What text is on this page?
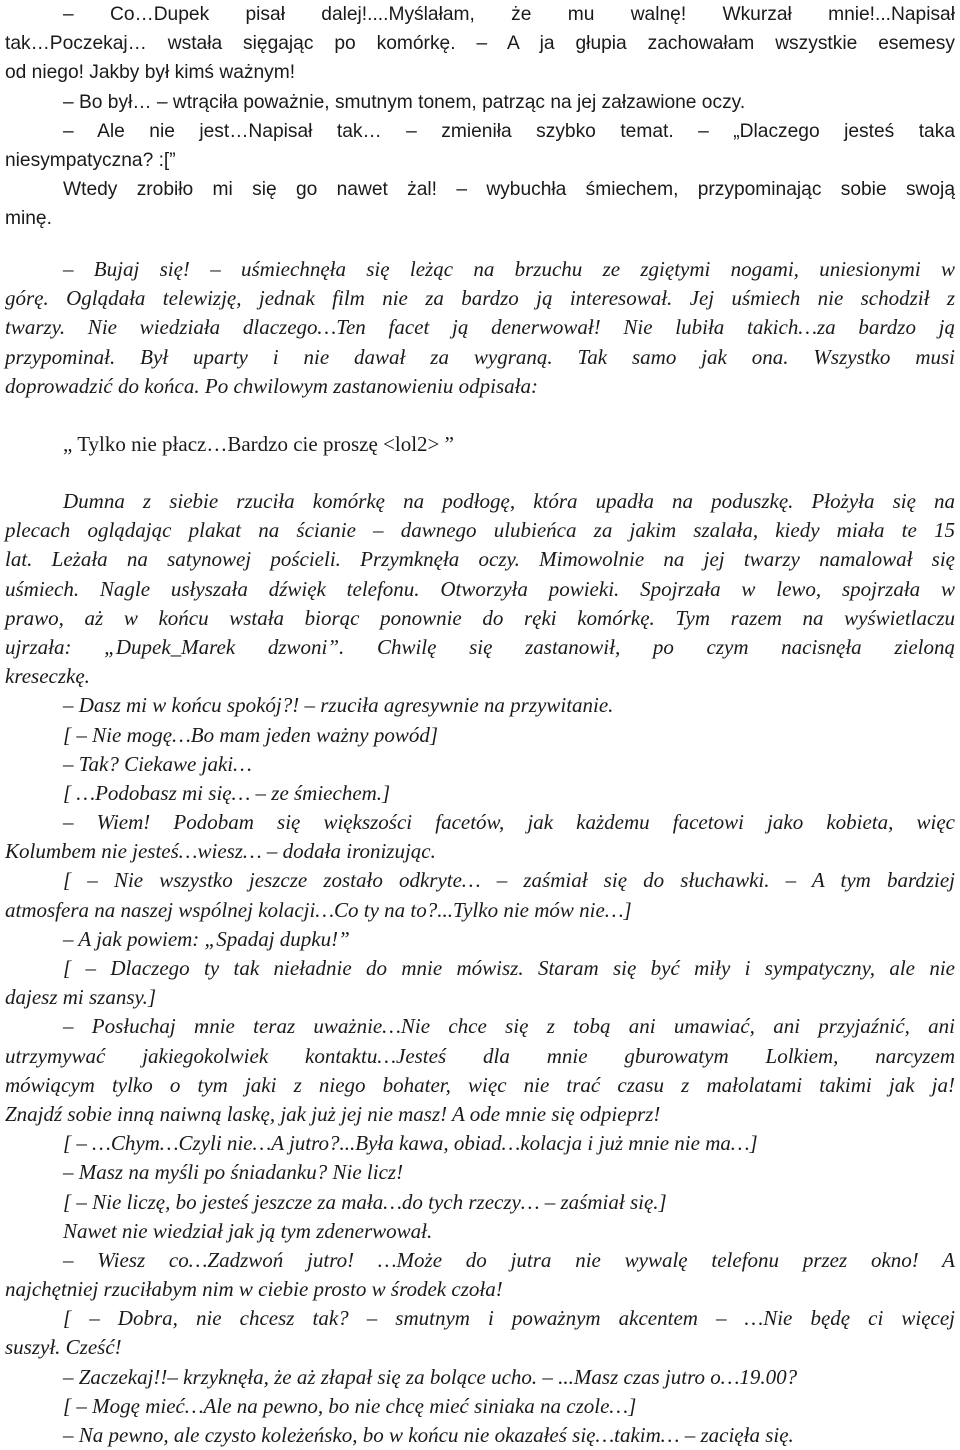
– Co…Dupek pisał dalej!....Myślałam, że mu walnę! Wkurzał mnie!...Napisał
tak…Poczekaj… wstała sięgając po komórkę. – A ja głupia zachowałam wszystkie esemesy
od niego! Jakby był kimś ważnym!
– Bo był… – wtrąciła poważnie, smutnym tonem, patrząc na jej załzawione oczy.
– Ale nie jest…Napisał tak… – zmieniła szybko temat. – „Dlaczego jesteś taka
niesympatyczna? :[”
Wtedy zrobiło mi się go nawet żal! – wybuchła śmiechem, przypominając sobie swoją
minę.
– Bujaj się! – uśmiechnęła się leżąc na brzuchu ze zgiętymi nogami, uniesionymi w
górę. Oglądała telewizję, jednak film nie za bardzo ją interesował. Jej uśmiech nie schodził z
twarzy. Nie wiedziała dlaczego…Ten facet ją denerwował! Nie lubiła takich…za bardzo ją
przypominał. Był uparty i nie dawał za wygraną. Tak samo jak ona. Wszystko musi
doprowadzić do końca. Po chwilowym zastanowieniu odpisała:
„ Tylko nie płacz…Bardzo cie proszę <lol2> ”
Dumna z siebie rzuciła komórkę na podłogę, która upadła na poduszkę. Płożyła się na
plecach oglądając plakat na ścianie – dawnego ulubieńca za jakim szalała, kiedy miała te 15
lat. Leżała na satynowej pościeli. Przymknęła oczy. Mimowolnie na jej twarzy namalował się
uśmiech. Nagle usłyszała dźwięk telefonu. Otworzyła powieki. Spojrzała w lewo, spojrzała w
prawo, aż w końcu wstała biorąc ponownie do ręki komórkę. Tym razem na wyświetlaczu
ujrzała: „Dupek_Marek dzwoni”. Chwilę się zastanowił, po czym nacisnęła zieloną
kreseczkę.
– Dasz mi w końcu spokój?! – rzuciła agresywnie na przywitanie.
[ – Nie mogę…Bo mam jeden ważny powód]
– Tak? Ciekawe jaki…
[ …Podobasz mi się… – ze śmiechem.]
– Wiem! Podobam się większości facetów, jak każdemu facetowi jako kobieta, więc
Kolumbem nie jesteś…wiesz… – dodała ironizując.
[ – Nie wszystko jeszcze zostało odkryte… – zaśmiał się do słuchawki. – A tym bardziej
atmosfera na naszej wspólnej kolacji…Co ty na to?...Tylko nie mów nie…]
– A jak powiem: „Spadaj dupku!”
[ – Dlaczego ty tak nieładnie do mnie mówisz. Staram się być miły i sympatyczny, ale nie
dajesz mi szansy.]
– Posłuchaj mnie teraz uważnie…Nie chce się z tobą ani umawiać, ani przyjaźnić, ani
utrzymywać jakiegokolwiek kontaktu…Jesteś dla mnie gburowatym Lolkiem, narcyzem
mówiącym tylko o tym jaki z niego bohater, więc nie trać czasu z małolatami takimi jak ja!
Znajdź sobie inną naiwną laskę, jak już jej nie masz! A ode mnie się odpieprz!
[ – …Chym…Czyli nie…A jutro?...Była kawa, obiad…kolacja i już mnie nie ma…]
– Masz na myśli po śniadanku? Nie licz!
[ – Nie liczę, bo jesteś jeszcze za mała…do tych rzeczy… – zaśmiał się.]
Nawet nie wiedział jak ją tym zdenerwował.
– Wiesz co…Zadzwoń jutro! …Może do jutra nie wywalę telefonu przez okno! A
najchętniej rzuciłabym nim w ciebie prosto w środek czoła!
[ – Dobra, nie chcesz tak? – smutnym i poważnym akcentem – …Nie będę ci więcej
suszył. Cześć!
– Zaczekaj!!– krzyknęła, że aż złapał się za bolące ucho. – ...Masz czas jutro o…19.00?
[ – Mogę mieć…Ale na pewno, bo nie chcę mieć siniaka na czole…]
– Na pewno, ale czysto koleżeńsko, bo w końcu nie okazałeś się…takim… – zacięła się.
